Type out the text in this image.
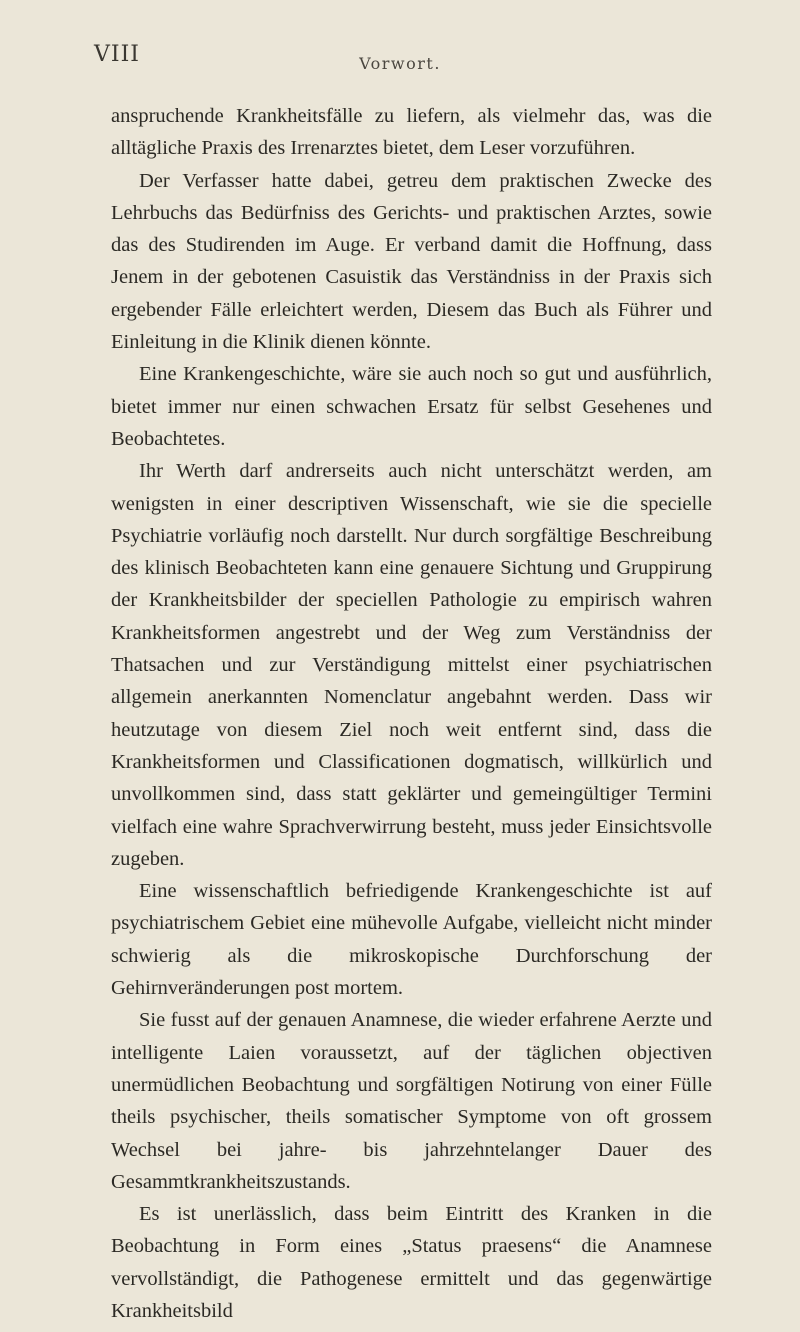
VIII	Vorwort.

anspruchende Krankheitsfälle zu liefern, als vielmehr das, was die alltägliche Praxis des Irrenarztes bietet, dem Leser vorzuführen.

Der Verfasser hatte dabei, getreu dem praktischen Zwecke des Lehrbuchs das Bedürfniss des Gerichts- und praktischen Arztes, sowie das des Studirenden im Auge. Er verband damit die Hoffnung, dass Jenem in der gebotenen Casuistik das Verständniss in der Praxis sich ergebender Fälle erleichtert werden, Diesem das Buch als Führer und Einleitung in die Klinik dienen könnte.

Eine Krankengeschichte, wäre sie auch noch so gut und ausführlich, bietet immer nur einen schwachen Ersatz für selbst Gesehenes und Beobachtetes.

Ihr Werth darf andrerseits auch nicht unterschätzt werden, am wenigsten in einer descriptiven Wissenschaft, wie sie die specielle Psychiatrie vorläufig noch darstellt. Nur durch sorgfältige Beschreibung des klinisch Beobachteten kann eine genauere Sichtung und Gruppirung der Krankheitsbilder der speciellen Pathologie zu empirisch wahren Krankheitsformen angestrebt und der Weg zum Verständniss der Thatsachen und zur Verständigung mittelst einer psychiatrischen allgemein anerkannten Nomenclatur angebahnt werden. Dass wir heutzutage von diesem Ziel noch weit entfernt sind, dass die Krankheitsformen und Classificationen dogmatisch, willkürlich und unvollkommen sind, dass statt geklärter und gemeingültiger Termini vielfach eine wahre Sprachverwirrung besteht, muss jeder Einsichtsvolle zugeben.

Eine wissenschaftlich befriedigende Krankengeschichte ist auf psychiatrischem Gebiet eine mühevolle Aufgabe, vielleicht nicht minder schwierig als die mikroskopische Durchforschung der Gehirnveränderungen post mortem.

Sie fusst auf der genauen Anamnese, die wieder erfahrene Aerzte und intelligente Laien voraussetzt, auf der täglichen objectiven unermüdlichen Beobachtung und sorgfältigen Notirung von einer Fülle theils psychischer, theils somatischer Symptome von oft grossem Wechsel bei jahre- bis jahrzehntelanger Dauer des Gesammtkrankheitszustands.

Es ist unerlässlich, dass beim Eintritt des Kranken in die Beobachtung in Form eines „Status praesens“ die Anamnese vervollständigt, die Pathogenese ermittelt und das gegenwärtige Krankheitsbild
